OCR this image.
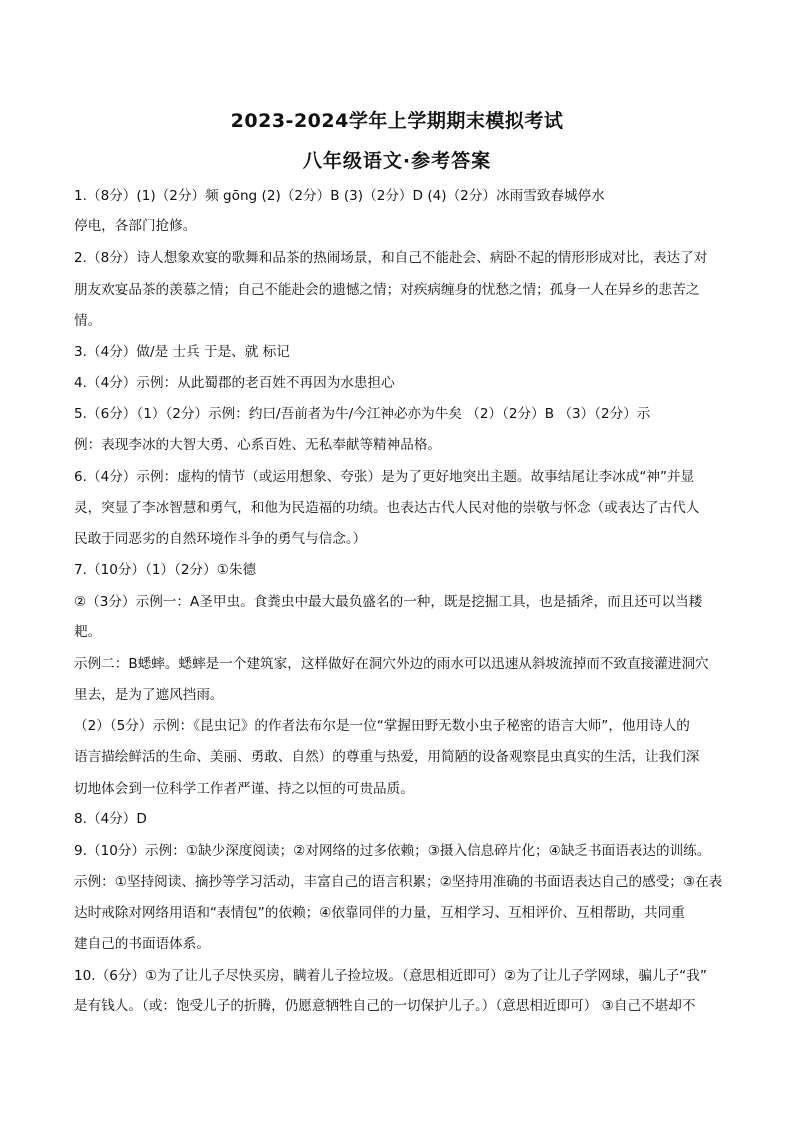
2023-2024学年上学期期末模拟考试
八年级语文·参考答案
1.（8分）(1)（2分）频 gōng (2)（2分）B (3)（2分）D (4)（2分）冰雨雪致春城停水
停电，各部门抢修。
2.（8分）诗人想象欢宴的歌舞和品茶的热闹场景，和自己不能赴会、病卧不起的情形形成对比，表达了对
朋友欢宴品茶的羡慕之情；自己不能赴会的遗憾之情；对疾病缠身的忧愁之情；孤身一人在异乡的悲苦之
情。
3.（4分）做/是 士兵 于是、就 标记
4.（4分）示例：从此蜀郡的老百姓不再因为水患担心
5.（6分）（1）（2分）示例：约曰/吾前者为牛/今江神必亦为牛矣 （2）（2分）B （3）（2分）示
例：表现李冰的大智大勇、心系百姓、无私奉献等精神品格。
6.（4分）示例：虚构的情节（或运用想象、夸张）是为了更好地突出主题。故事结尾让李冰成“神”并显
灵，突显了李冰智慧和勇气，和他为民造福的功绩。也表达古代人民对他的崇敬与怀念（或表达了古代人
民敢于同恶劣的自然环境作斗争的勇气与信念。）
7.（10分）（1）（2分）①朱德
②（3分）示例一：A圣甲虫。食粪虫中最大最负盛名的一种，既是挖掘工具，也是插斧，而且还可以当耧
耙。
示例二：B蟋蟀。蟋蟀是一个建筑家，这样做好在洞穴外边的雨水可以迅速从斜坡流掉而不致直接灌进洞穴
里去，是为了遮风挡雨。
（2）（5分）示例：《昆虫记》的作者法布尔是一位“掌握田野无数小虫子秘密的语言大师”，他用诗人的
语言描绘鲜活的生命、美丽、勇敢、自然）的尊重与热爱，用简陋的设备观察昆虫真实的生活，让我们深
切地体会到一位科学工作者严谨、持之以恒的可贵品质。
8.（4分）D
9.（10分）示例：①缺少深度阅读；②对网络的过多依赖；③摄入信息碎片化；④缺乏书面语表达的训练。
示例：①坚持阅读、摘抄等学习活动，丰富自己的语言积累；②坚持用准确的书面语表达自己的感受；③在表
达时戒除对网络用语和“表情包”的依赖；④依靠同伴的力量，互相学习、互相评价、互相帮助，共同重
建自己的书面语体系。
10.（6分）①为了让儿子尽快买房，瞒着儿子捡垃圾。（意思相近即可）②为了让儿子学网球，骗儿子“我”
是有钱人。（或：饱受儿子的折腾，仍愿意牺牲自己的一切保护儿子。）（意思相近即可） ③自己不堪却不
